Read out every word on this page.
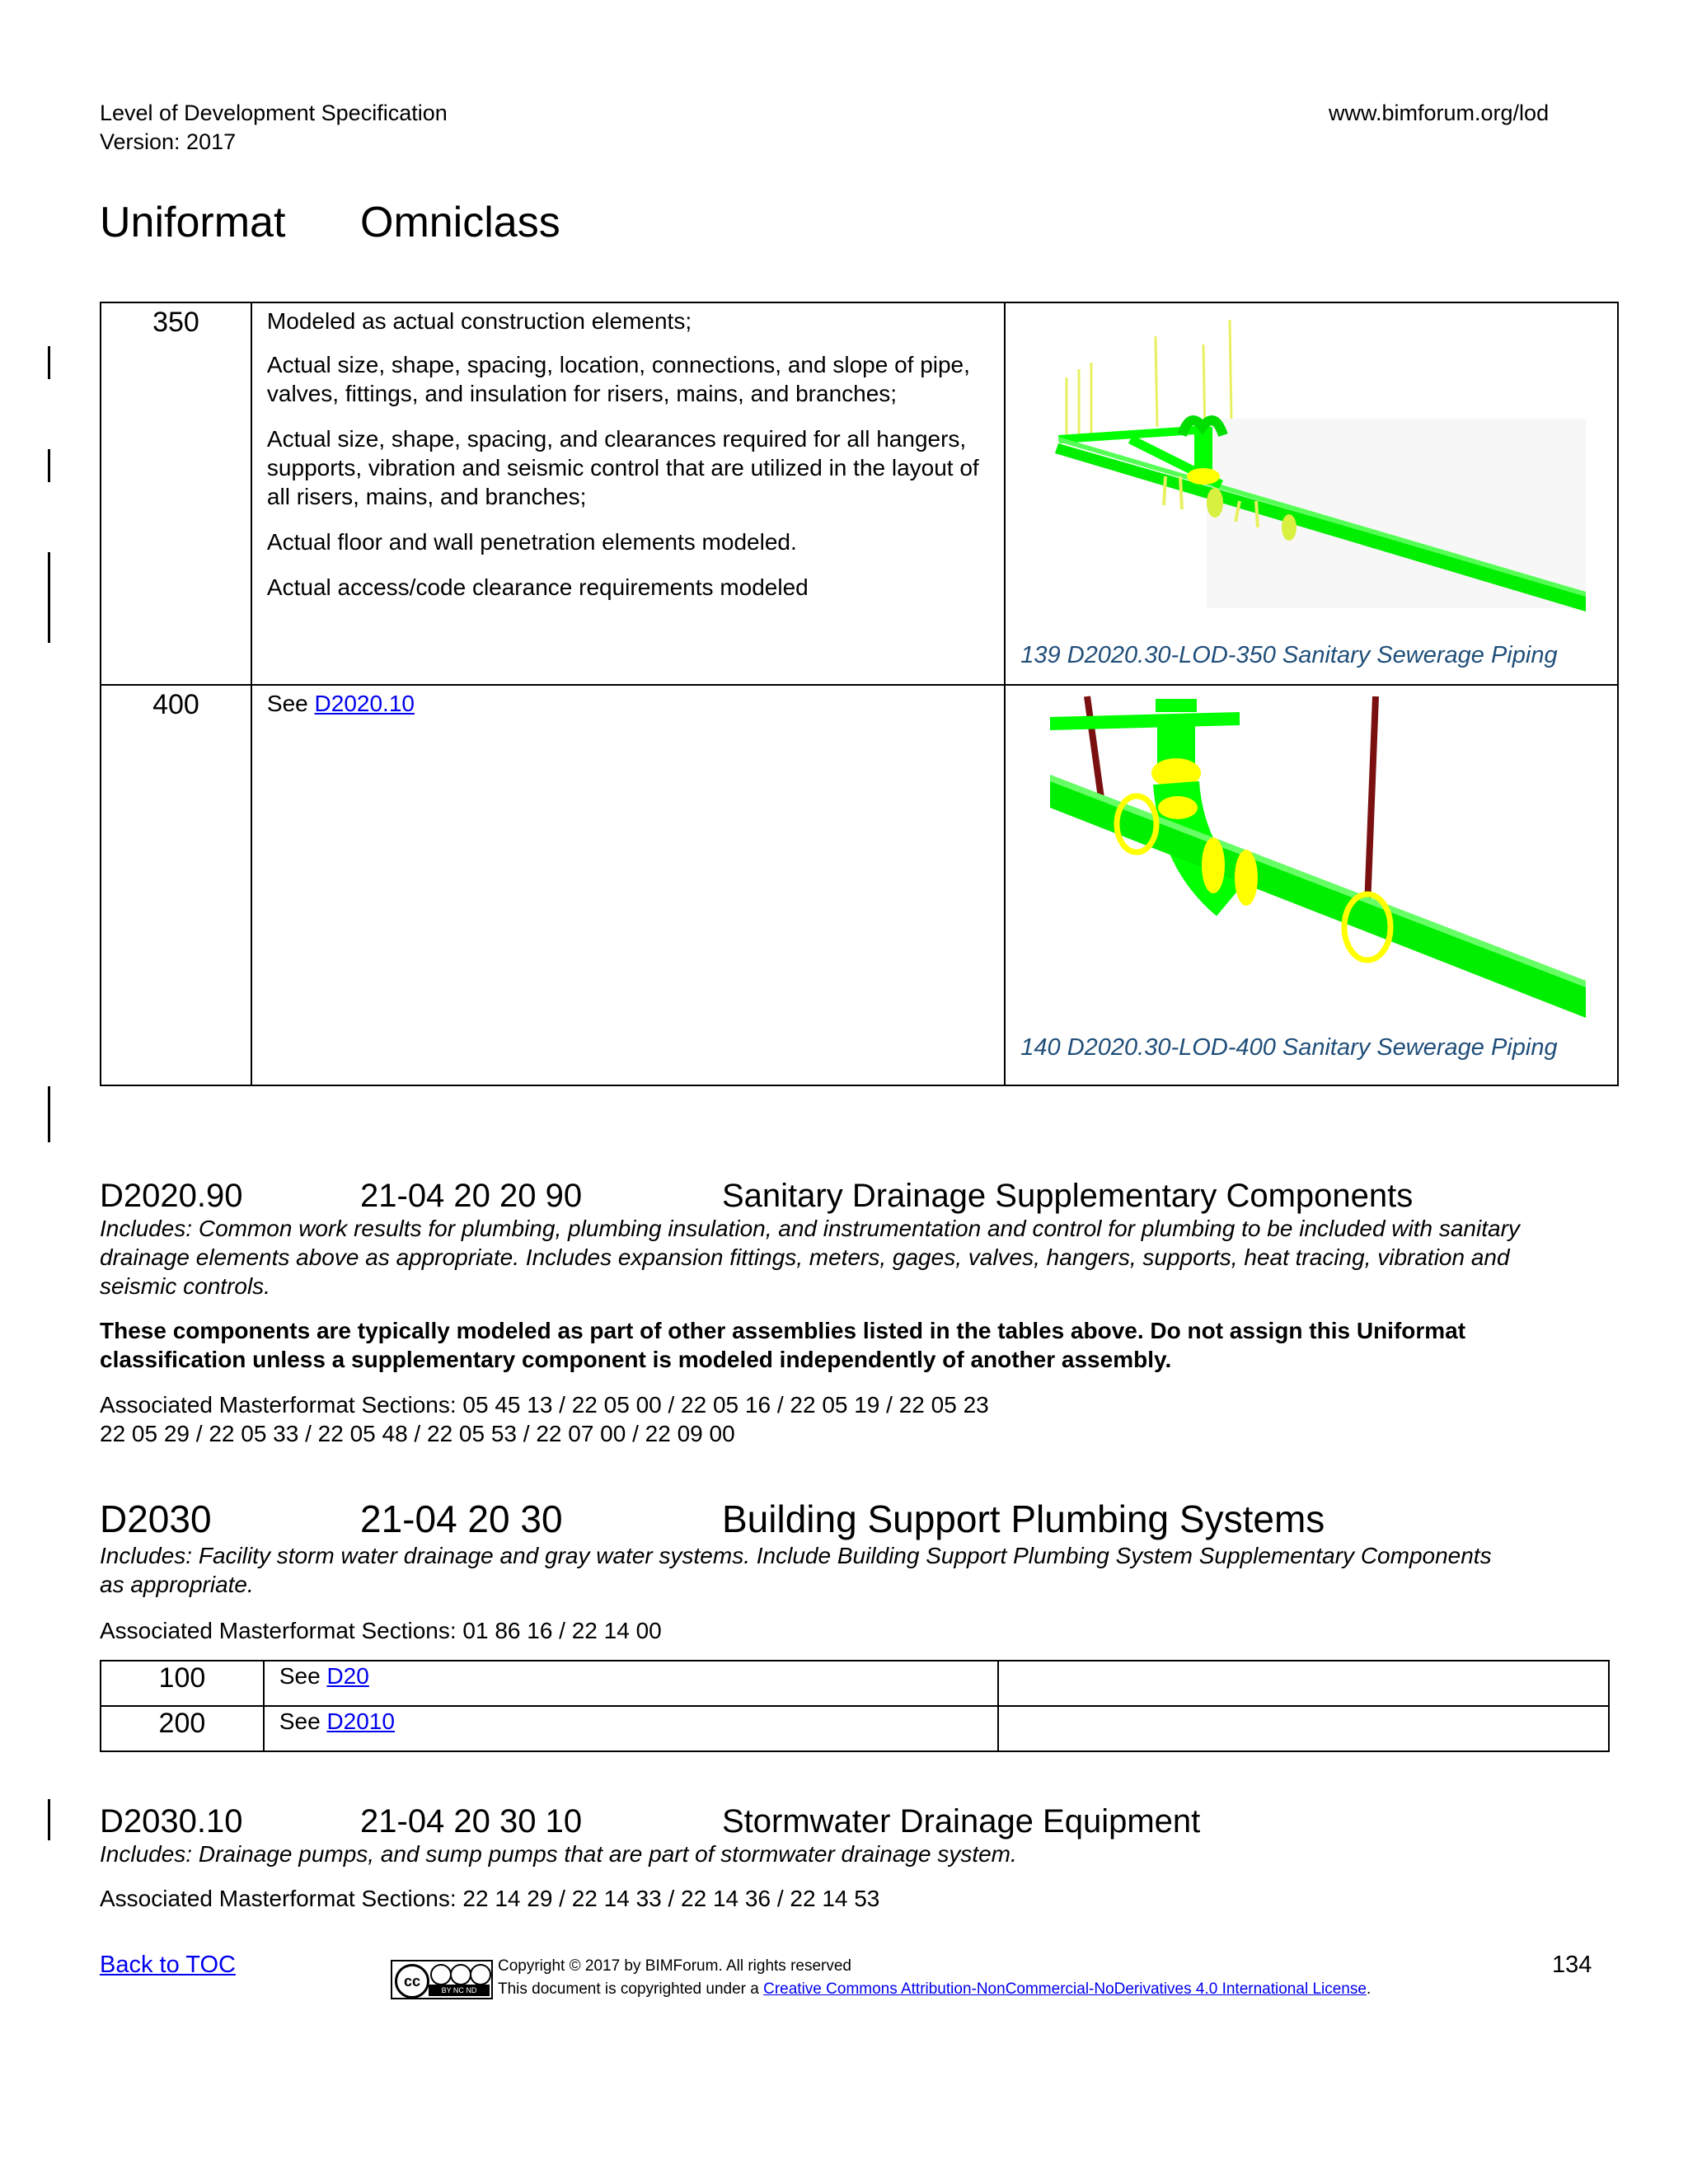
Level of Development Specification
Version: 2017
www.bimforum.org/lod
Uniformat Omniclass
350	Modeled as actual construction elements;

Actual size, shape, spacing, location, connections, and slope of pipe, valves, fittings, and insulation for risers, mains, and branches;

Actual size, shape, spacing, and clearances required for all hangers, supports, vibration and seismic control that are utilized in the layout of all risers, mains, and branches;

Actual floor and wall penetration elements modeled.

Actual access/code clearance requirements modeled	139 D2020.30-LOD-350 Sanitary Sewerage Piping

400	See D2020.10	140 D2020.30-LOD-400 Sanitary Sewerage Piping
D2020.90	21-04 20 20 90	Sanitary Drainage Supplementary Components
Includes: Common work results for plumbing, plumbing insulation, and instrumentation and control for plumbing to be included with sanitary drainage elements above as appropriate. Includes expansion fittings, meters, gages, valves, hangers, supports, heat tracing, vibration and seismic controls.
These components are typically modeled as part of other assemblies listed in the tables above. Do not assign this Uniformat classification unless a supplementary component is modeled independently of another assembly.
Associated Masterformat Sections: 05 45 13 / 22 05 00 / 22 05 16 / 22 05 19 / 22 05 23
22 05 29 / 22 05 33 / 22 05 48 / 22 05 53 / 22 07 00 / 22 09 00
D2030	21-04 20 30	Building Support Plumbing Systems
Includes: Facility storm water drainage and gray water systems. Include Building Support Plumbing System Supplementary Components as appropriate.
Associated Masterformat Sections: 01 86 16 / 22 14 00
100	See D20	
200	See D2010	
D2030.10	21-04 20 30 10	Stormwater Drainage Equipment
Includes: Drainage pumps, and sump pumps that are part of stormwater drainage system.
Associated Masterformat Sections: 22 14 29 / 22 14 33 / 22 14 36 / 22 14 53
Back to TOC
cc
BY NC ND
Copyright © 2017 by BIMForum. All rights reserved
This document is copyrighted under a Creative Commons Attribution-NonCommercial-NoDerivatives 4.0 International License.
134
